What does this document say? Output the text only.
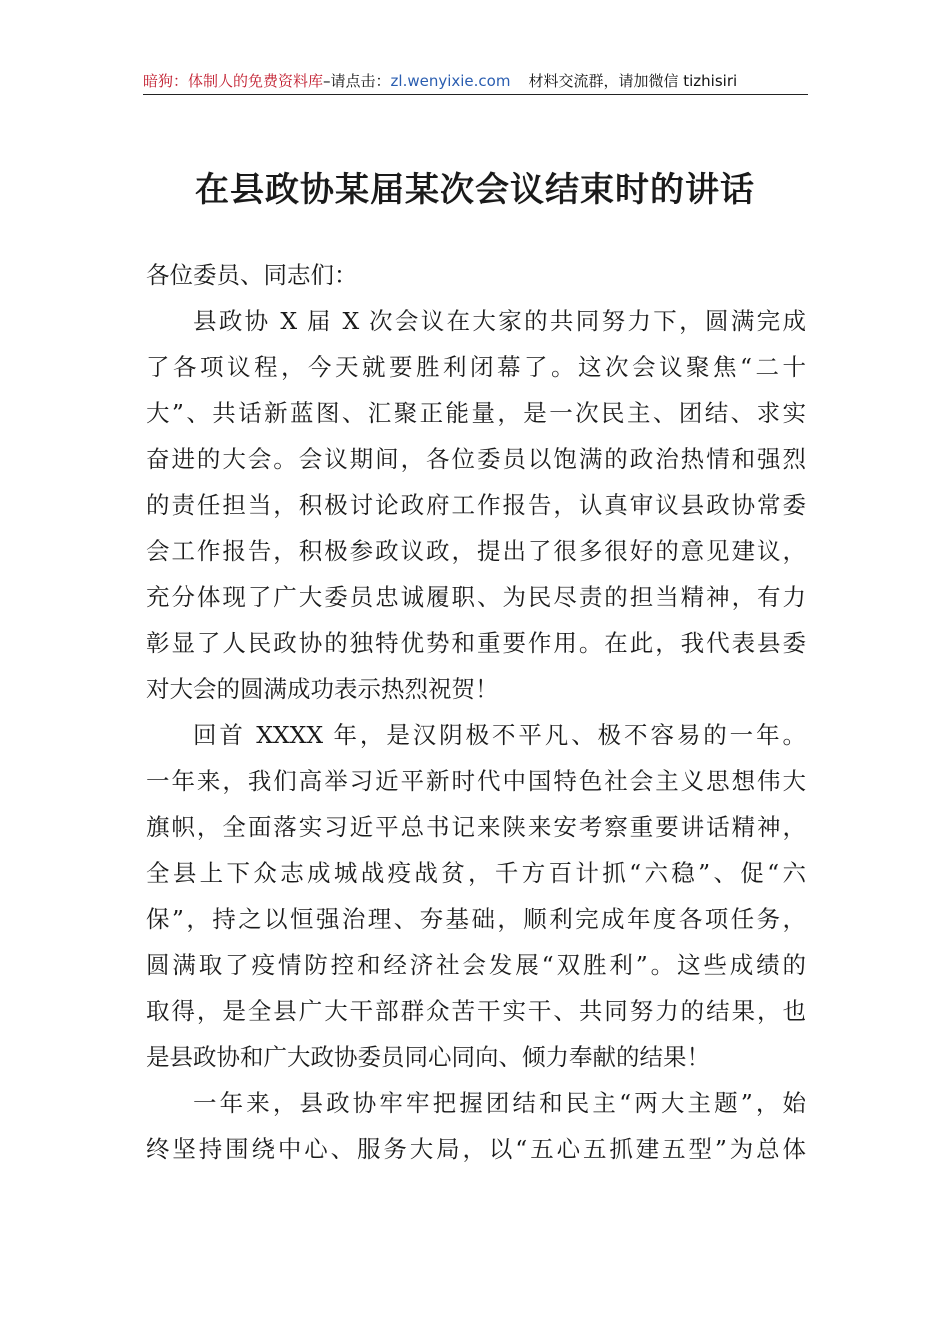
暗狗：体制人的免费资料库–请点击：zl.wenyixie.com 材料交流群，请加微信 tizhisiri
在县政协某届某次会议结束时的讲话
各位委员、同志们：
县政协 X 届 X 次会议在大家的共同努力下，圆满完成
了各项议程，今天就要胜利闭幕了。这次会议聚焦“二十
大”、共话新蓝图、汇聚正能量，是一次民主、团结、求实
奋进的大会。会议期间，各位委员以饱满的政治热情和强烈
的责任担当，积极讨论政府工作报告，认真审议县政协常委
会工作报告，积极参政议政，提出了很多很好的意见建议，
充分体现了广大委员忠诚履职、为民尽责的担当精神，有力
彰显了人民政协的独特优势和重要作用。在此，我代表县委
对大会的圆满成功表示热烈祝贺！
回首 XXXX 年，是汉阴极不平凡、极不容易的一年。
一年来，我们高举习近平新时代中国特色社会主义思想伟大
旗帜，全面落实习近平总书记来陕来安考察重要讲话精神，
全县上下众志成城战疫战贫，千方百计抓“六稳”、促“六
保”，持之以恒强治理、夯基础，顺利完成年度各项任务，
圆满取了疫情防控和经济社会发展“双胜利”。这些成绩的
取得，是全县广大干部群众苦干实干、共同努力的结果，也
是县政协和广大政协委员同心同向、倾力奉献的结果！
一年来，县政协牢牢把握团结和民主“两大主题”，始
终坚持围绕中心、服务大局，以“五心五抓建五型”为总体
